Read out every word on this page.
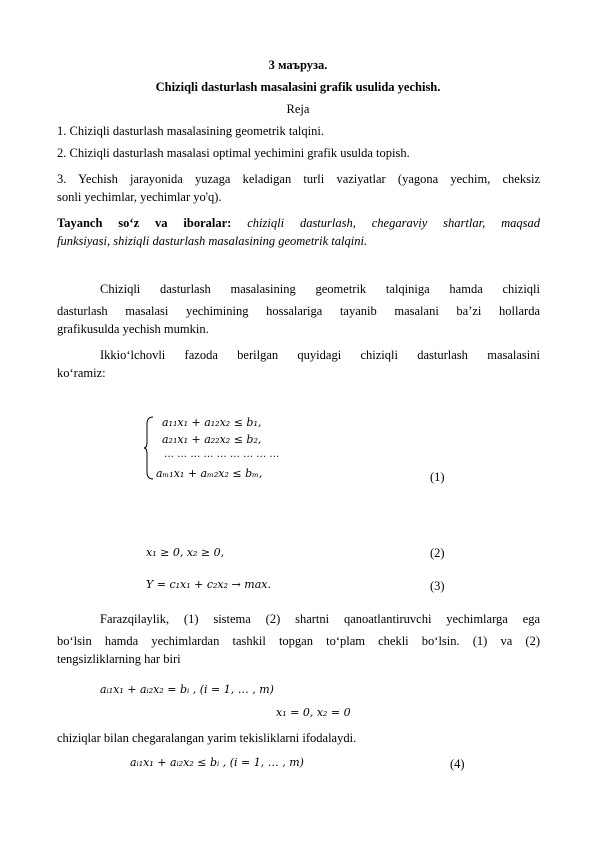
3 маъруза.
Chiziqli dasturlash masalasini grafik usulida yechish.
Reja
1. Chiziqli dasturlash masalasining geometrik talqini.
2. Chiziqli dasturlash masalasi optimal yechimini grafik usulda topish.
3. Yechish jarayonida yuzaga keladigan turli vaziyatlar (yagona yechim, cheksiz
sonli yechimlar, yechimlar yo'q).
Tayanch so‘z va iboralar: chiziqli dasturlash, chegaraviy shartlar, maqsad
funksiyasi, shiziqli dasturlash masalasining geometrik talqini.
Chiziqli dasturlash masalasining geometrik talqiniga hamda chiziqli
dasturlash masalasi yechimining hossalariga tayanib masalani ba’zi hollarda
grafikusulda yechish mumkin.
Ikkio‘lchovli fazoda berilgan quyidagi chiziqli dasturlash masalasini
ko‘ramiz:
a₁₁x₁ + a₁₂x₂ ≤ b₁,
a₂₁x₁ + a₂₂x₂ ≤ b₂,
… … … … … … … … …
aₘ₁x₁ + aₘ₂x₂ ≤ bₘ,	(1)
x₁ ≥ 0, x₂ ≥ 0,	(2)
Y = c₁x₁ + c₂x₂ → max.	(3)
Farazqilaylik, (1) sistema (2) shartni qanoatlantiruvchi yechimlarga ega
bo‘lsin hamda yechimlardan tashkil topgan to‘plam chekli bo‘lsin. (1) va (2)
tengsizliklarning har biri
aᵢ₁x₁ + aᵢ₂x₂ = bᵢ , (i = 1, … , m)
x₁ = 0, x₂ = 0
chiziqlar bilan chegaralangan yarim tekisliklarni ifodalaydi.
aᵢ₁x₁ + aᵢ₂x₂ ≤ bᵢ , (i = 1, … , m)	(4)
